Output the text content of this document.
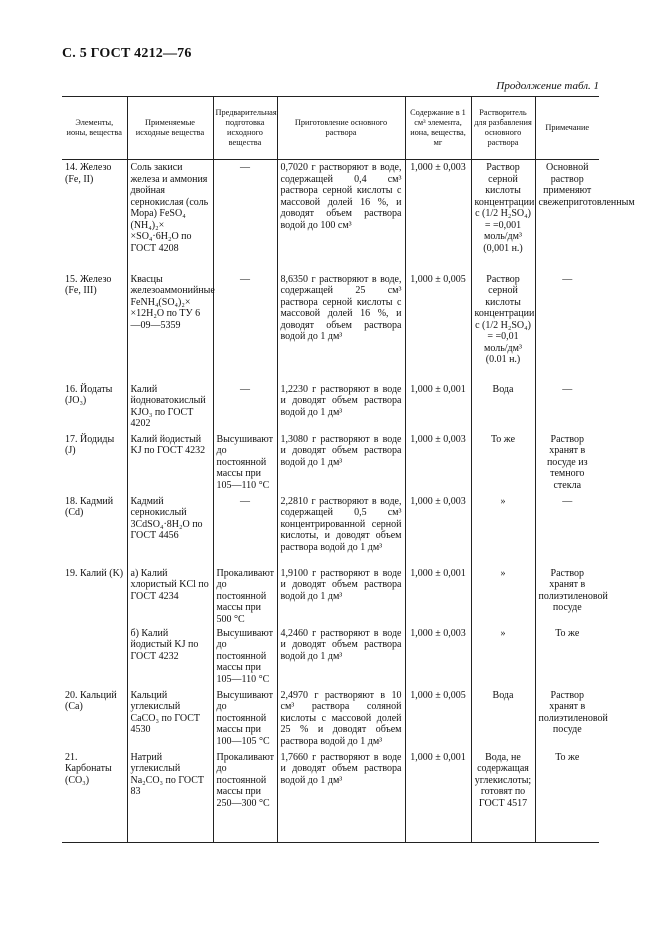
С. 5 ГОСТ 4212—76
Продолжение табл. 1
Элементы, ионы, вещества	Применяемые исходные вещества	Предварительная подготовка исходного вещества	Приготовление основного раствора	Содержание в 1 см³ элемента, иона, вещества, мг	Растворитель для разбавления основного раствора	Примечание
14. Железо (Fe, II)	Соль закиси железа и аммония двойная сернокислая (соль Мора) FeSO₄ (NH₄)₂× ×SO₄·6H₂O по ГОСТ 4208	—	0,7020 г растворяют в воде, содержащей 0,4 см³ раствора серной кислоты с массовой долей 16 %, и доводят объем раствора водой до 100 см³	1,000 ± 0,003	Раствор серной кислоты концентрации c (1/2 H₂SO₄) = =0,001 моль/дм³ (0,001 н.)	Основной раствор применяют свежеприготовленным
15. Железо (Fe, III)	Квасцы железоаммонийные FeNH₄(SO₄)₂× ×12H₂O по ТУ 6—09—5359	—	8,6350 г растворяют в воде, содержащей 25 см³ раствора серной кислоты с массовой долей 16 %, и доводят объем раствора водой до 1 дм³	1,000 ± 0,005	Раствор серной кислоты концентрации c (1/2 H₂SO₄) = =0,01 моль/дм³ (0.01 н.)	—
16. Йодаты (JO₃)	Калий йодноватокислый KJO₃ по ГОСТ 4202	—	1,2230 г растворяют в воде и доводят объем раствора водой до 1 дм³	1,000 ± 0,001	Вода	—
17. Йодиды (J)	Калий йодистый KJ по ГОСТ 4232	Высушивают до постоянной массы при 105—110 °С	1,3080 г растворяют в воде и доводят объем раствора водой до 1 дм³	1,000 ± 0,003	То же	Раствор хранят в посуде из темного стекла
18. Кадмий (Cd)	Кадмий сернокислый 3CdSO₄·8H₂O по ГОСТ 4456	—	2,2810 г растворяют в воде, содержащей 0,5 см³ концентрированной серной кислоты, и доводят объем раствора водой до 1 дм³	1,000 ± 0,003	»	—
19. Калий (K)	а) Калий хлористый KCl по ГОСТ 4234	Прокаливают до постоянной массы при 500 °С	1,9100 г растворяют в воде и доводят объем раствора водой до 1 дм³	1,000 ± 0,001	»	Раствор хранят в полиэтиленовой посуде
	б) Калий йодистый KJ по ГОСТ 4232	Высушивают до постоянной массы при 105—110 °С	4,2460 г растворяют в воде и доводят объем раствора водой до 1 дм³	1,000 ± 0,003	»	То же
20. Кальций (Ca)	Кальций углекислый CaCO₃ по ГОСТ 4530	Высушивают до постоянной массы при 100—105 °С	2,4970 г растворяют в 10 см³ раствора соляной кислоты с массовой долей 25 % и доводят объем раствора водой до 1 дм³	1,000 ± 0,005	Вода	Раствор хранят в полиэтиленовой посуде
21. Карбонаты (CO₃)	Натрий углекислый Na₂CO₃ по ГОСТ 83	Прокаливают до постоянной массы при 250—300 °С	1,7660 г растворяют в воде и доводят объем раствора водой до 1 дм³	1,000 ± 0,001	Вода, не содержащая углекислоты; готовят по ГОСТ 4517	То же
